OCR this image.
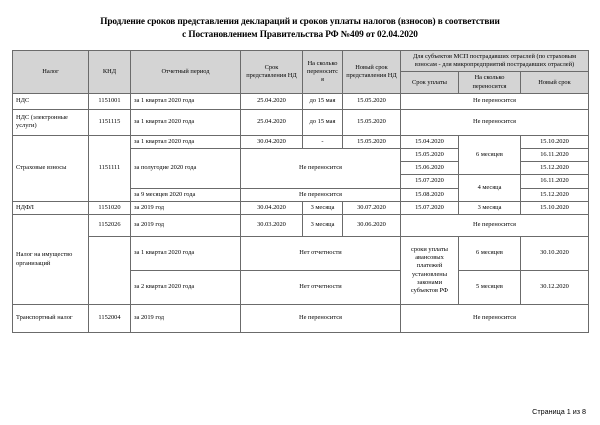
Продление сроков представления деклараций и сроков уплаты налогов (взносов) в соответствии
с Постановлением Правительства РФ №409 от 02.04.2020
Налог	КНД	Отчетный период	Срок представления НД	На сколько переносится	Новый срок представления НД	Для субъектов МСП пострадавших отраслей (по страховым взносам - для микропредприятий пострадавших отраслей)		
						Срок уплаты	На сколько переносится	Новый срок
НДС	1151001	за 1 квартал 2020 года	25.04.2020	до 15 мая	15.05.2020	Не переносится		
НДС (электронные услуги)	1151115	за 1 квартал 2020 года	25.04.2020	до 15 мая	15.05.2020	Не переносится		
Страховые взносы	1151111	за 1 квартал 2020 года	30.04.2020	-	15.05.2020	15.04.2020	6 месяцев	15.10.2020
		за полугодие 2020 года	Не переносится			15.05.2020		16.11.2020
						15.06.2020		15.12.2020
						15.07.2020	4 месяца	16.11.2020
		за 9 месяцев 2020 года	Не переносится			15.08.2020		15.12.2020
НДФЛ	1151020	за 2019 год	30.04.2020	3 месяца	30.07.2020	15.07.2020	3 месяца	15.10.2020
Налог на имущество организаций	1152026	за 2019 год	30.03.2020	3 месяца	30.06.2020	Не переносится		
		за 1 квартал 2020 года	Нет отчетности			сроки уплаты авансовых платежей установлены законами субъектов РФ	6 месяцев	30.10.2020
		за 2 квартал 2020 года	Нет отчетности				5 месяцев	30.12.2020
Транспортный налог	1152004	за 2019 год	Не переносится			Не переносится		
Страница 1 из 8
